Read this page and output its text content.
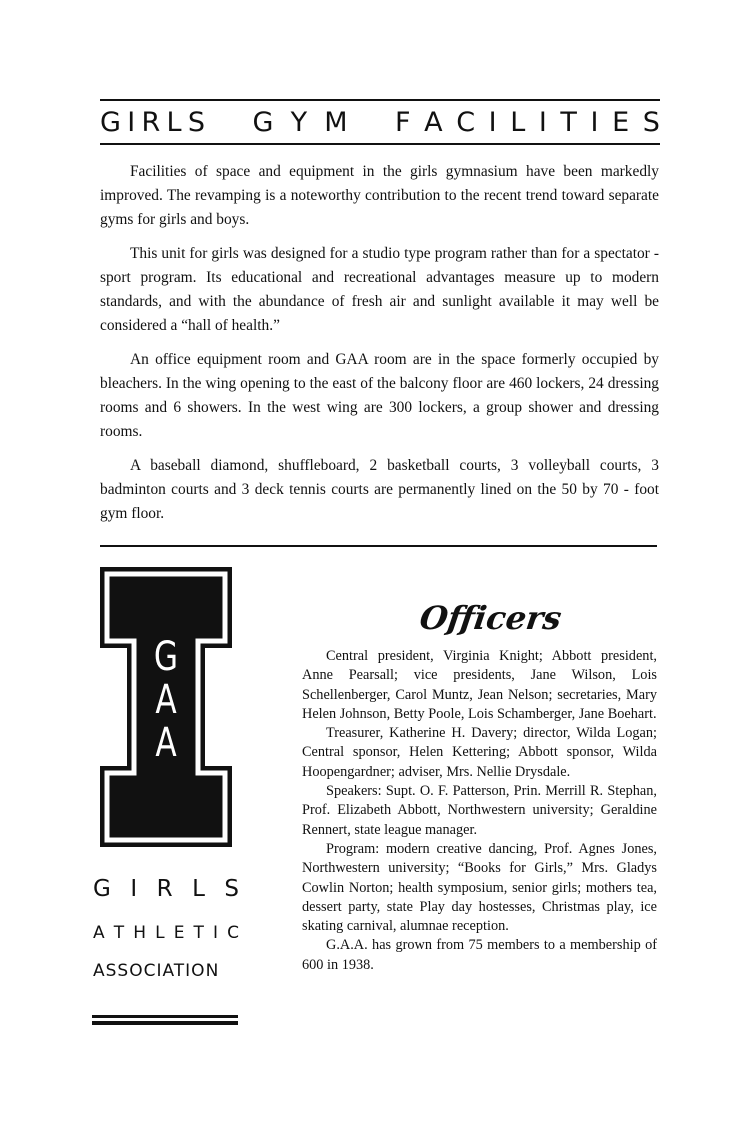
G I R L S G Y M F A C I L I T I E S

Facilities of space and equipment in the girls gymnasium have been markedly improved. The revamping is a noteworthy contribution to the recent trend toward separate gyms for girls and boys.

This unit for girls was designed for a studio type program rather than for a spectator - sport program. Its educational and recreational advantages measure up to modern standards, and with the abundance of fresh air and sunlight available it may well be considered a “hall of health.”

An office equipment room and GAA room are in the space formerly occupied by bleachers. In the wing opening to the east of the balcony floor are 460 lockers, 24 dressing rooms and 6 showers. In the west wing are 300 lockers, a group shower and dressing rooms.

A baseball diamond, shuffleboard, 2 basketball courts, 3 volleyball courts, 3 badminton courts and 3 deck tennis courts are permanently lined on the 50 by 70 - foot gym floor.

G
A
A
G I R L S
A T H L E T I C
ASSOCIATION
Officers

Central president, Virginia Knight; Abbott president, Anne Pearsall; vice presidents, Jane Wilson, Lois Schellenberger, Carol Muntz, Jean Nelson; secretaries, Mary Helen Johnson, Betty Poole, Lois Schamberger, Jane Boehart.

Treasurer, Katherine H. Davery; director, Wilda Logan; Central sponsor, Helen Kettering; Abbott sponsor, Wilda Hoopengardner; adviser, Mrs. Nellie Drysdale.

Speakers: Supt. O. F. Patterson, Prin. Merrill R. Stephan, Prof. Elizabeth Abbott, Northwestern university; Geraldine Rennert, state league manager.

Program: modern creative dancing, Prof. Agnes Jones, Northwestern university; “Books for Girls,” Mrs. Gladys Cowlin Norton; health symposium, senior girls; mothers tea, dessert party, state Play day hostesses, Christmas play, ice skating carnival, alumnae reception.

G.A.A. has grown from 75 members to a membership of 600 in 1938.
